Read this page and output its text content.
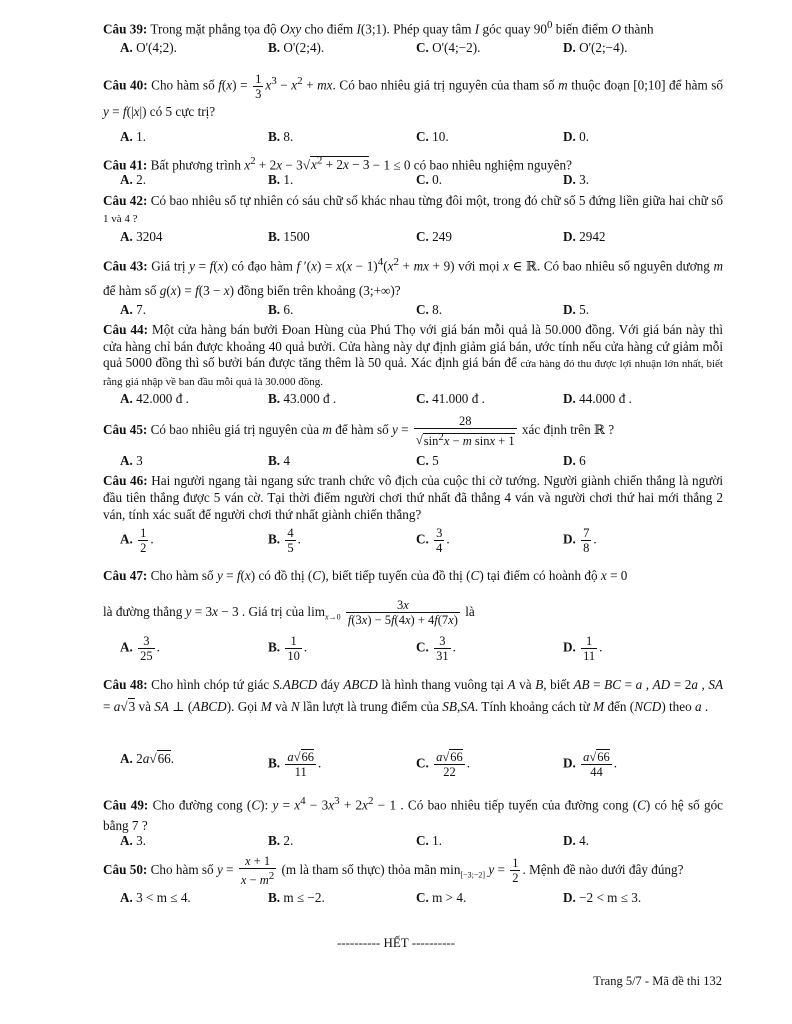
Câu 39: Trong mặt phẳng tọa độ Oxy cho điểm I(3;1). Phép quay tâm I góc quay $90^0$ biến điểm O thành
A. O'(4;2).	B. O'(2;4).	C. O'(4;−2).	D. O'(2;−4).
Câu 40: Cho hàm số $f(x) = \frac{1}{3} x^3 - x^2$ + mx. Có bao nhiêu giá trị nguyên của tham số m thuộc đoạn [0;10] để hàm số y = f(|x|) có 5 cực trị?
A. 1.	B. 8.	C. 10.	D. 0.
Câu 41: Bất phương trình $x^2 + 2x - 3√x^2 + 2x - 3 - 1 \le 0$ có bao nhiêu nghiệm nguyên?
A. 2.	B. 1.	C. 0.	D. 3.
Câu 42: Có bao nhiêu số tự nhiên có sáu chữ số khác nhau từng đôi một, trong đó chữ số 5 đứng liền giữa hai chữ số 1 và 4 ?
A. 3204	B. 1500	C. 249	D. 2942
Câu 43: Giá trị y = f(x) có đạo hàm f $'(x) = x(x - 1)^4(x^2$ + mx + 9) với mọi x ∈ ℝ. Có bao nhiêu số nguyên dương m để hàm số g(x) = f(3 − x) đồng biến trên khoảng (3;+∞)?
A. 7.	B. 6.	C. 8.	D. 5.
Câu 44: Một cửa hàng bán bưởi Đoan Hùng của Phú Thọ với giá bán mỗi quả là 50.000 đồng. Với giá bán này thì cửa hàng chỉ bán được khoảng 40 quả bưởi. Cửa hàng này dự định giảm giá bán, ước tính nếu cửa hàng cứ giảm mỗi quả 5000 đồng thì số bưởi bán được tăng thêm là 50 quả. Xác định giá bán để cửa hàng đó thu được lợi nhuận lớn nhất, biết rằng giá nhập về ban đầu mỗi quả là 30.000 đồng.
A. 42.000 đ .	B. 43.000 đ .	C. 41.000 đ .	D. 44.000 đ .
Câu 45: Có bao nhiêu giá trị nguyên của m để hàm số $y = \frac{28}{√\sin^2x - m \sin x + 1}$ xác định trên ℝ ?
A. 3	B. 4	C. 5	D. 6
Câu 46: Hai người ngang tài ngang sức tranh chức vô địch của cuộc thi cờ tướng. Người giành chiến thắng là người đầu tiên thắng được 5 ván cờ. Tại thời điểm người chơi thứ nhất đã thắng 4 ván và người chơi thứ hai mới thắng 2 ván, tính xác suất để người chơi thứ nhất giành chiến thắng?
A. $\frac{1}{2}$ .	B. $\frac{4}{5}$ .	C. $\frac{3}{4}$ .	D. $\frac{7}{8}$ .
Câu 47: Cho hàm số y = f(x) có đồ thị (C), biết tiếp tuyến của đồ thị (C) tại điểm có hoành độ x = 0
là đường thẳng y = 3x − 3 . Giá trị của $\lim_{x\to 0} \frac{3x}{f(3x) - 5f(4x) + 4f(7x)}$ là
A. $\frac{3}{25}$ .	B. $\frac{1}{10}$ .	C. $\frac{3}{31}$ .	D. $\frac{1}{11}$ .
Câu 48: Cho hình chóp tứ giác S.ABCD đáy ABCD là hình thang vuông tại A và B, biết AB = BC = a , AD = 2a , SA = a√3 và SA ⊥ (ABCD). Gọi M và N lần lượt là trung điểm của SB,SA. Tính khoảng cách từ M đến (NCD) theo a .
A. 2a√66.	B. $\frac{a√66}{11}$ .	C. $\frac{a√66}{22}$ .	D. $\frac{a√66}{44}$ .
Câu 49: Cho đường cong (C): $y = x^4 - 3x^3 + 2x^2 - 1$ . Có bao nhiêu tiếp tuyến của đường cong (C) có hệ số góc bằng 7 ?
A. 3.	B. 2.	C. 1.	D. 4.
Câu 50: Cho hàm số $y = \frac{x + 1}{x - m^2} (m$ là tham số thực) thỏa mãn $\min_{[-3;-2]} y = \frac{1}{2}$ . Mệnh đề nào dưới đây đúng?
A. 3 < m ≤ 4.	B. m ≤ −2.	C. m > 4.	D. −2 < m ≤ 3.
---------- HẾT ----------
Trang 5/7 - Mã đề thi 132
